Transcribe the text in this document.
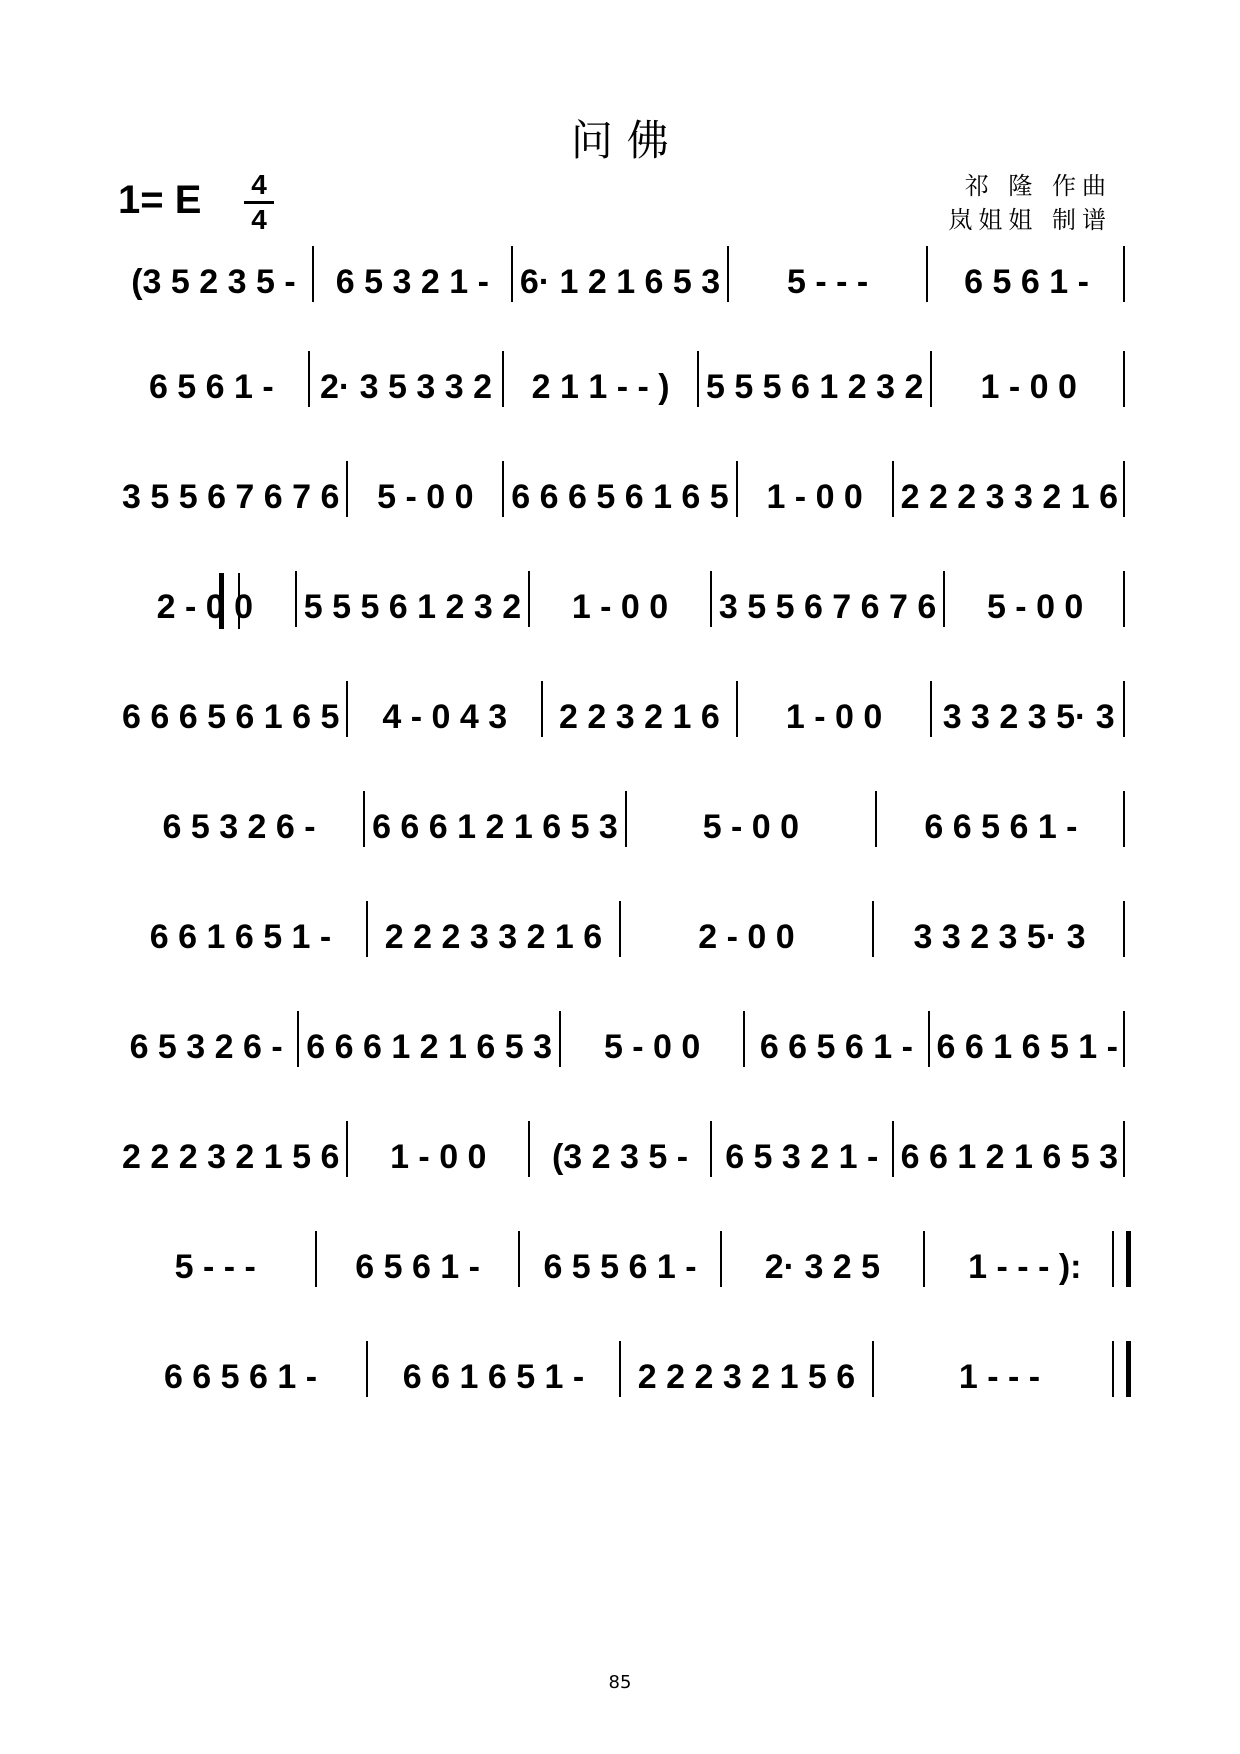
问 佛
1= E 4
4
祁 隆 作曲
岚姐姐 制谱
(3 5 2 3 5 - 6 5 3 2 1 - 6· 1 2 1 6 5 3 5 - - -	6 5 6 1 -
6 5 6 1 - 2· 3 5 3 3 2 2 1 1 - - ) 5 5 5 6 1 2 3 2 1 - 0 0
3 5 5 6 7 6 7 6 5 - 0 0 6 6 6 5 6 1 6 5 1 - 0 0 2 2 2 3 3 2 1 6
2 - 0 0 5 5 5 6 1 2 3 2 1 - 0 0 3 5 5 6 7 6 7 6 5 - 0 0
6 6 6 5 6 1 6 5 4 - 0 4 3 2 2 3 2 1 6 1 - 0 0 3 3 2 3 5· 3
6 5 3 2 6 - 6 6 6 1 2 1 6 5 3 5 - 0 0	6 6 5 6 1 -
6 6 1 6 5 1 - 2 2 2 3 3 2 1 6	2 - 0 0	3 3 2 3 5· 3
6 5 3 2 6 - 6 6 6 1 2 1 6 5 3 5 - 0 0 6 6 5 6 1 - 6 6 1 6 5 1 -
2 2 2 3 2 1 5 6 1 - 0 0 (3 2 3 5 - 6 5 3 2 1 - 6 6 1 2 1 6 5 3
5 - - -	6 5 6 1 - 6 5 5 6 1 - 2· 3 2 5	1 - - - ):
6 6 5 6 1 -	6 6 1 6 5 1 - 2 2 2 3 2 1 5 6	1 - - -
85
